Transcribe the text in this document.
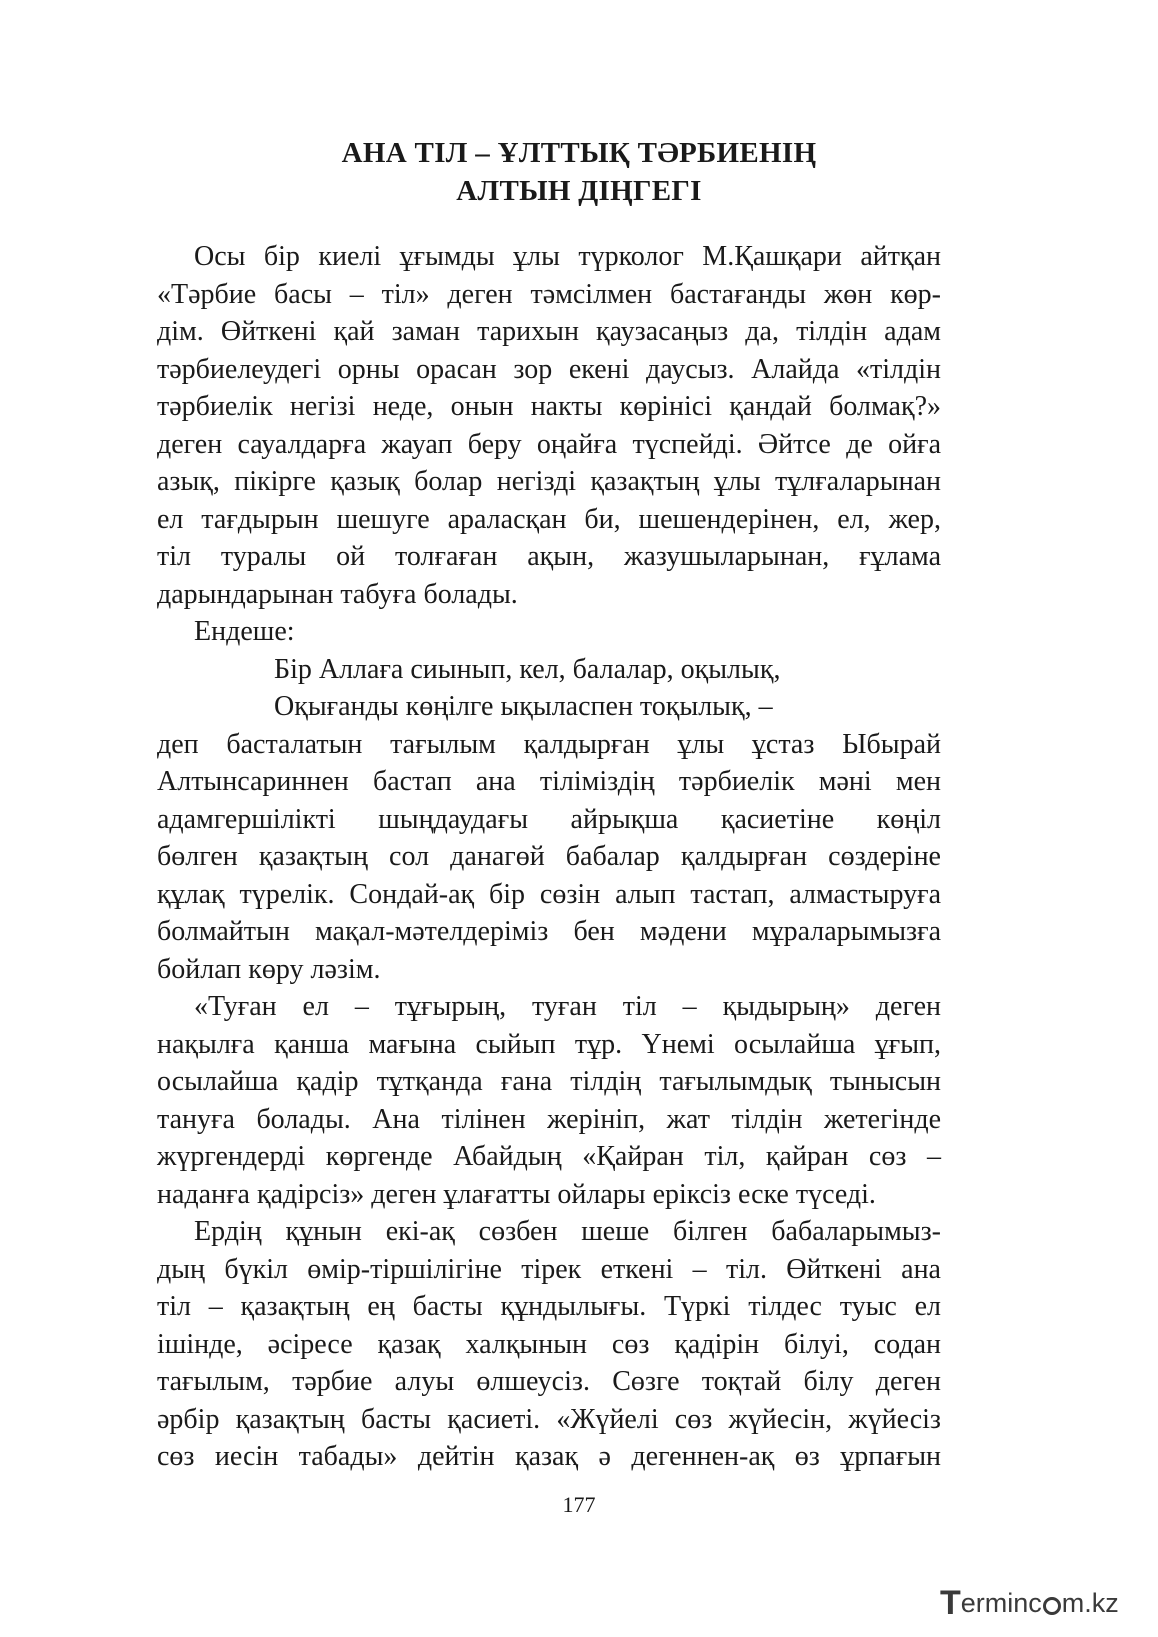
АНА ТІЛ – ҰЛТТЫҚ ТӘРБИЕНІҢ
АЛТЫН ДІҢГЕГІ
Осы бір киелі ұғымды ұлы түрколог М.Қашқари айтқан
«Тәрбие басы – тіл» деген тәмсілмен бастағанды жөн көр-
дім. Өйткені қай заман тарихын қаузасаңыз да, тілдін адам
тәрбиелеудегі орны орасан зор екені даусыз. Алайда «тілдін
тәрбиелік негізі неде, онын накты көрінісі қандай болмақ?»
деген сауалдарға жауап беру оңайға түспейді. Әйтсе де ойға
азық, пікірге қазық болар негізді қазақтың ұлы тұлғаларынан
ел тағдырын шешуге араласқан би, шешендерінен, ел, жер,
тіл туралы ой толғаған ақын, жазушыларынан, ғұлама
дарындарынан табуға болады.
Ендеше:
Бір Аллаға сиынып, кел, балалар, оқылық,
Оқығанды көңілге ықыласпен тоқылық, –
деп басталатын тағылым қалдырған ұлы ұстаз Ыбырай
Алтынсариннен бастап ана тіліміздің тәрбиелік мәні мен
адамгершілікті шыңдаудағы айрықша қасиетіне көңіл
бөлген қазақтың сол данагөй бабалар қалдырған сөздеріне
құлақ түрелік. Сондай-ақ бір сөзін алып тастап, алмастыруға
болмайтын мақал-мәтелдеріміз бен мәдени мұраларымызға
бойлап көру ләзім.
«Туған ел – тұғырың, туған тіл – қыдырың» деген
нақылға қанша мағына сыйып тұр. Үнемі осылайша ұғып,
осылайша қадір тұтқанда ғана тілдің тағылымдық тынысын
тануға болады. Ана тілінен жерініп, жат тілдін жетегінде
жүргендерді көргенде Абайдың «Қайран тіл, қайран сөз –
наданға қадірсіз» деген ұлағатты ойлары еріксіз еске түседі.
Ердің құнын екі-ақ сөзбен шеше білген бабаларымыз-
дың бүкіл өмір-тіршілігіне тірек еткені – тіл. Өйткені ана
тіл – қазақтың ең басты құндылығы. Түркі тілдес туыс ел
ішінде, әсіресе қазақ халқынын сөз қадірін білуі, содан
тағылым, тәрбие алуы өлшеусіз. Сөзге тоқтай білу деген
әрбір қазақтың басты қасиеті. «Жүйелі сөз жүйесін, жүйесіз
сөз иесін табады» дейтін қазақ ә дегеннен-ақ өз ұрпағын
177
Terminc m.kz
